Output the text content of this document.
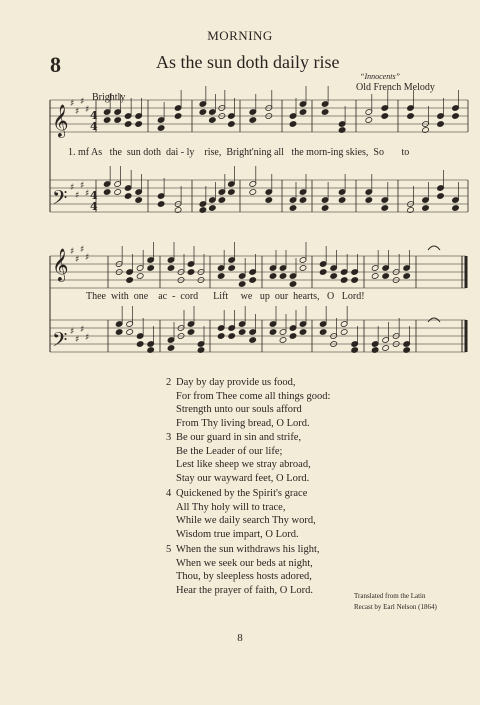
MORNING
8	As the sun doth daily rise
“Innocents”
Old French Melody
Brightly
𝄞
𝄞
𝄢
𝄢
♯
♯
♯
♯
♯
♯
♯
♯
♯
♯
♯
♯
♯
♯
♯
♯
4
4
4
4
1. mf As   the  sun doth  dai - ly    rise,  Bright'ning all   the morn-ing skies,  So       to
Thee  with  one    ac  -  cord      Lift     we   up  our  hearts,   O   Lord!
2 Day by day provide us food,
For from Thee come all things good:
Strength unto our souls afford
From Thy living bread, O Lord.
3 Be our guard in sin and strife,
Be the Leader of our life;
Lest like sheep we stray abroad,
Stay our wayward feet, O Lord.
4 Quickened by the Spirit's grace
All Thy holy will to trace,
While we daily search Thy word,
Wisdom true impart, O Lord.
5 When the sun withdraws his light,
When we seek our beds at night,
Thou, by sleepless hosts adored,
Hear the prayer of faith, O Lord.
Translated from the Latin
Recast by Earl Nelson (1864)
8
